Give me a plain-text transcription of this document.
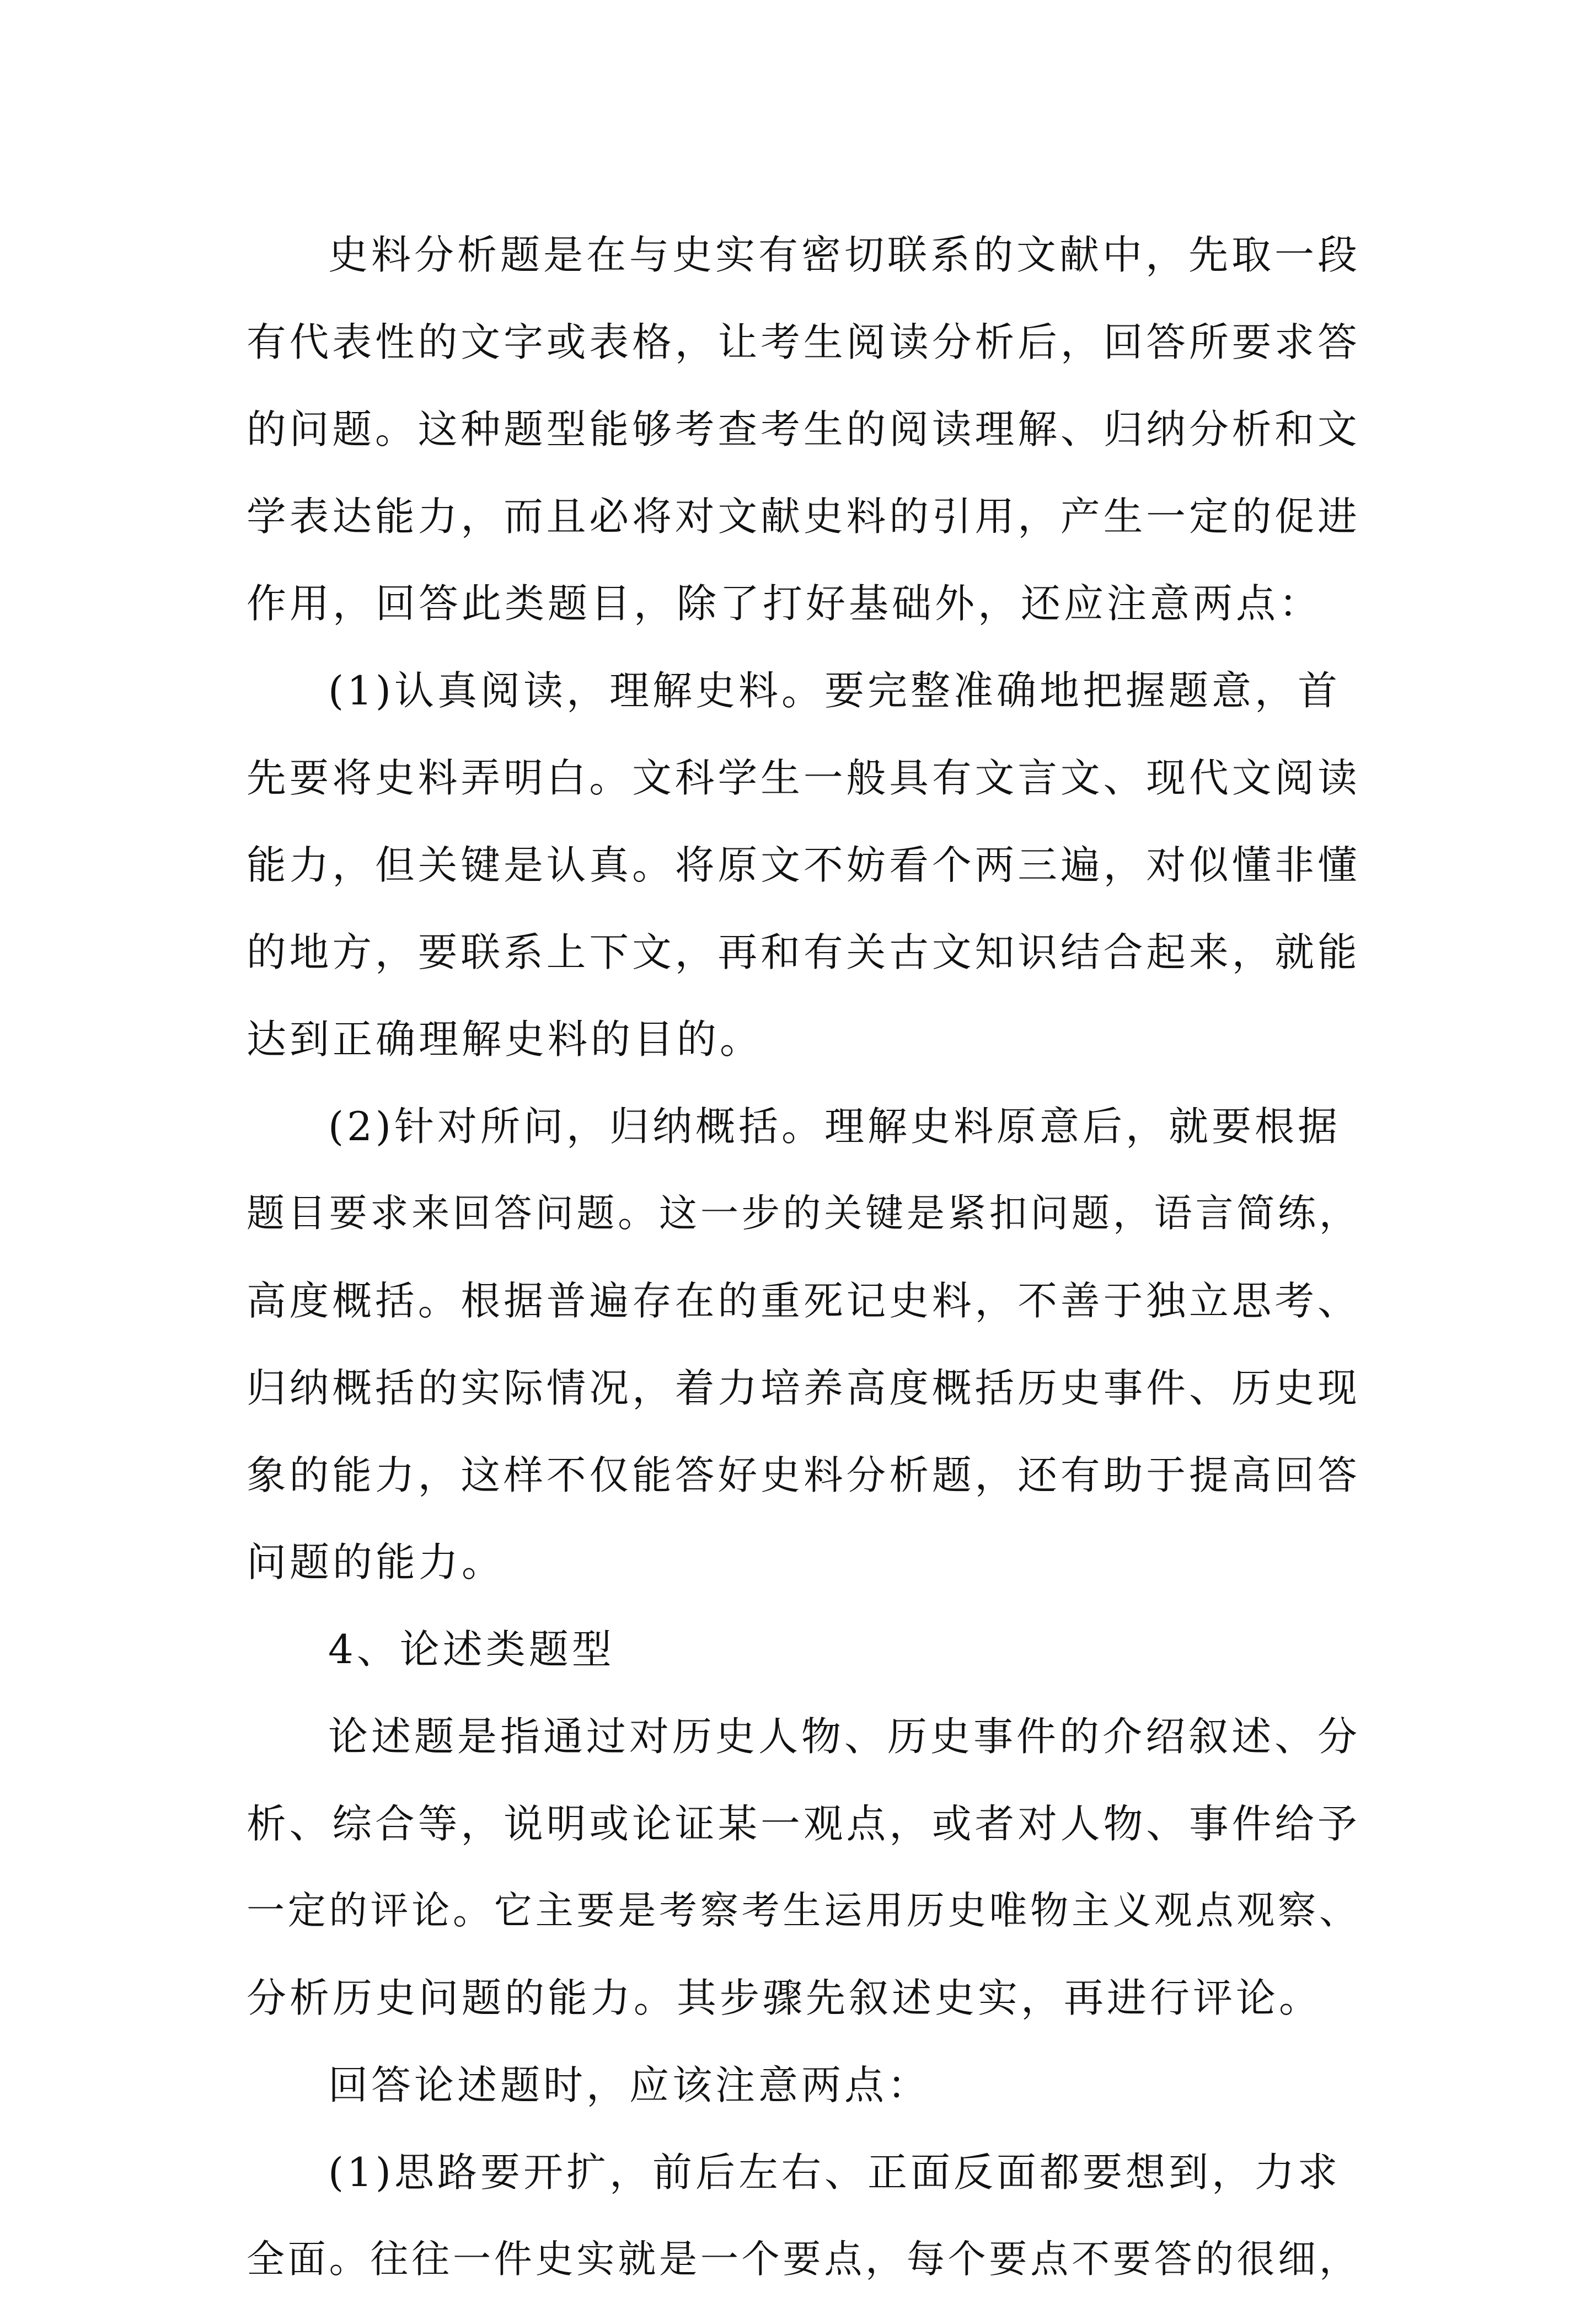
史料分析题是在与史实有密切联系的文献中，先取一段
有代表性的文字或表格，让考生阅读分析后，回答所要求答
的问题。这种题型能够考查考生的阅读理解、归纳分析和文
学表达能力，而且必将对文献史料的引用，产生一定的促进
作用，回答此类题目，除了打好基础外，还应注意两点：
(1)认真阅读，理解史料。要完整准确地把握题意，首
先要将史料弄明白。文科学生一般具有文言文、现代文阅读
能力，但关键是认真。将原文不妨看个两三遍，对似懂非懂
的地方，要联系上下文，再和有关古文知识结合起来，就能
达到正确理解史料的目的。
(2)针对所问，归纳概括。理解史料原意后，就要根据
题目要求来回答问题。这一步的关键是紧扣问题，语言简练，
高度概括。根据普遍存在的重死记史料，不善于独立思考、
归纳概括的实际情况，着力培养高度概括历史事件、历史现
象的能力，这样不仅能答好史料分析题，还有助于提高回答
问题的能力。
4、论述类题型
论述题是指通过对历史人物、历史事件的介绍叙述、分
析、综合等，说明或论证某一观点，或者对人物、事件给予
一定的评论。它主要是考察考生运用历史唯物主义观点观察、
分析历史问题的能力。其步骤先叙述史实，再进行评论。
回答论述题时，应该注意两点：
(1)思路要开扩，前后左右、正面反面都要想到，力求
全面。往往一件史实就是一个要点，每个要点不要答的很细，
